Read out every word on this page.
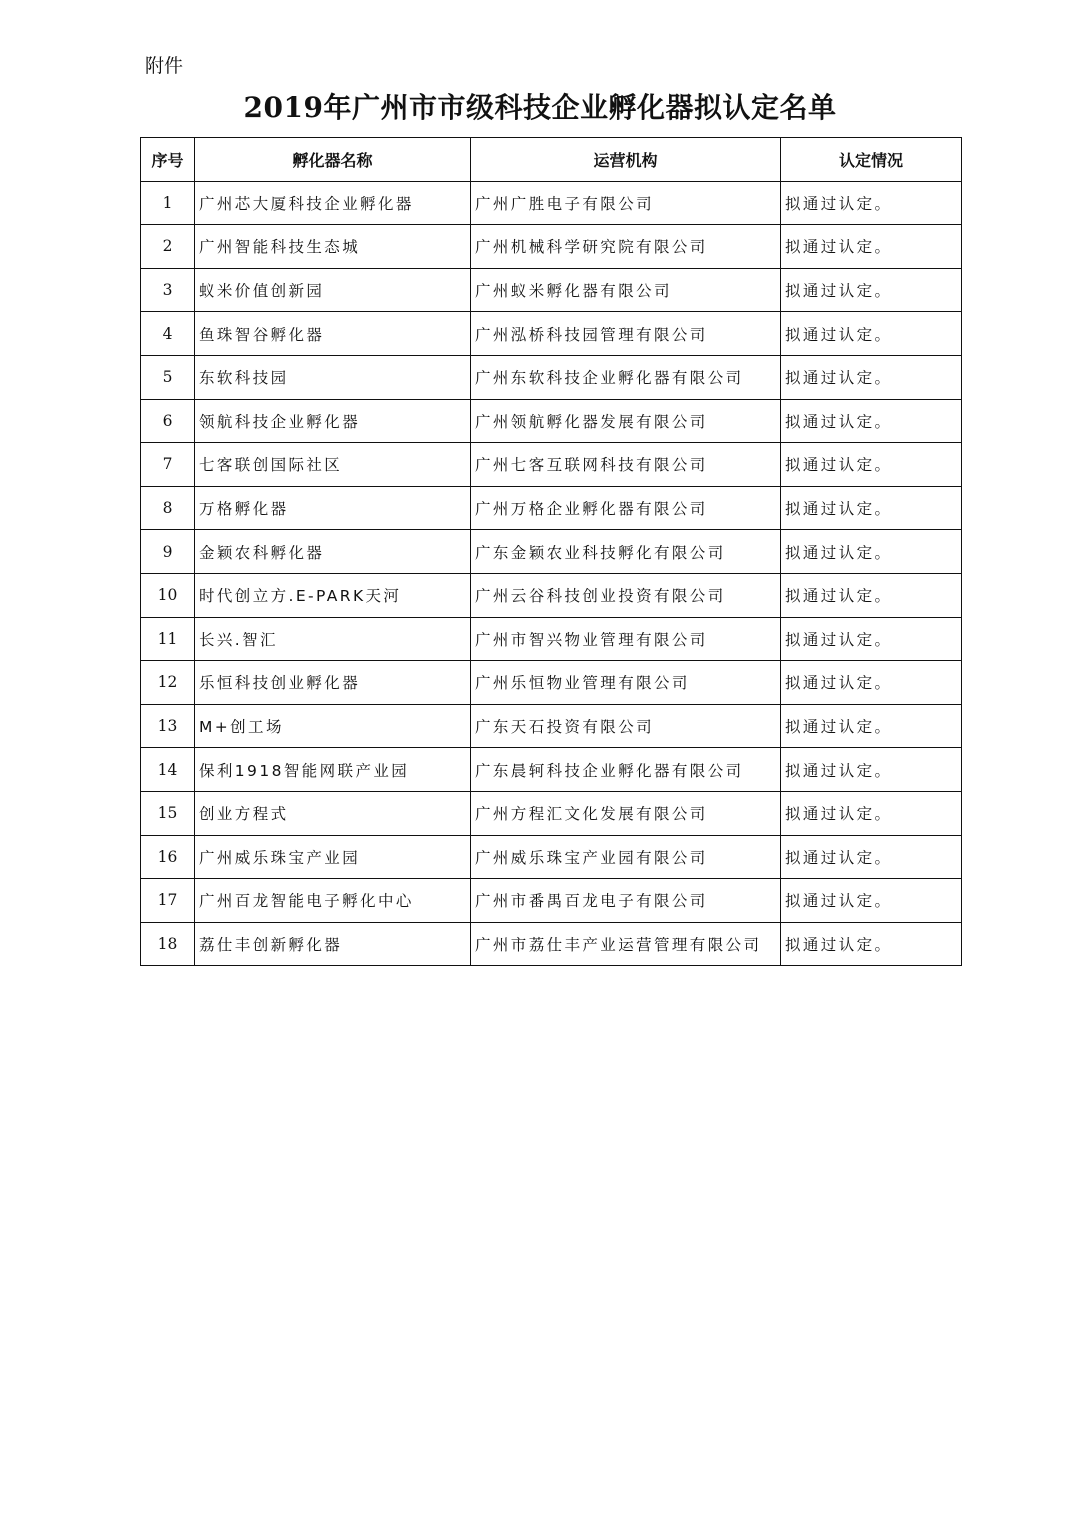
附件
2019年广州市市级科技企业孵化器拟认定名单
序号	孵化器名称	运营机构	认定情况
1	广州芯大厦科技企业孵化器	广州广胜电子有限公司	拟通过认定。
2	广州智能科技生态城	广州机械科学研究院有限公司	拟通过认定。
3	蚁米价值创新园	广州蚁米孵化器有限公司	拟通过认定。
4	鱼珠智谷孵化器	广州泓桥科技园管理有限公司	拟通过认定。
5	东软科技园	广州东软科技企业孵化器有限公司	拟通过认定。
6	领航科技企业孵化器	广州领航孵化器发展有限公司	拟通过认定。
7	七客联创国际社区	广州七客互联网科技有限公司	拟通过认定。
8	万格孵化器	广州万格企业孵化器有限公司	拟通过认定。
9	金颖农科孵化器	广东金颖农业科技孵化有限公司	拟通过认定。
10	时代创立方.E-PARK天河	广州云谷科技创业投资有限公司	拟通过认定。
11	长兴.智汇	广州市智兴物业管理有限公司	拟通过认定。
12	乐恒科技创业孵化器	广州乐恒物业管理有限公司	拟通过认定。
13	M+创工场	广东天石投资有限公司	拟通过认定。
14	保利1918智能网联产业园	广东晨轲科技企业孵化器有限公司	拟通过认定。
15	创业方程式	广州方程汇文化发展有限公司	拟通过认定。
16	广州威乐珠宝产业园	广州威乐珠宝产业园有限公司	拟通过认定。
17	广州百龙智能电子孵化中心	广州市番禺百龙电子有限公司	拟通过认定。
18	荔仕丰创新孵化器	广州市荔仕丰产业运营管理有限公司	拟通过认定。
